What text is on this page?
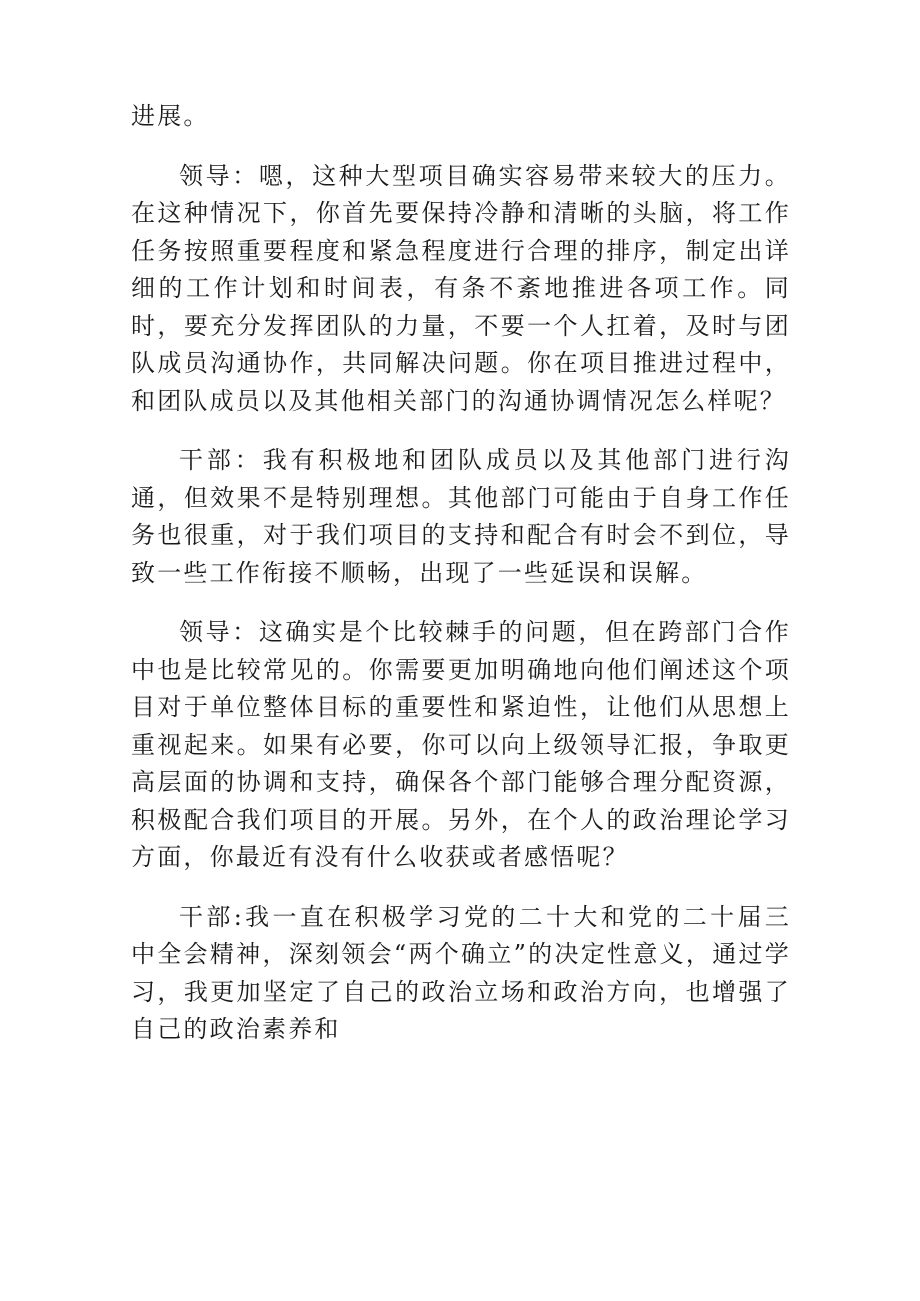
进展。

领导：嗯，这种大型项目确实容易带来较大的压力。在这种情况下，你首先要保持冷静和清晰的头脑，将工作任务按照重要程度和紧急程度进行合理的排序，制定出详细的工作计划和时间表，有条不紊地推进各项工作。同时，要充分发挥团队的力量，不要一个人扛着，及时与团队成员沟通协作，共同解决问题。你在项目推进过程中，和团队成员以及其他相关部门的沟通协调情况怎么样呢？

干部：我有积极地和团队成员以及其他部门进行沟通，但效果不是特别理想。其他部门可能由于自身工作任务也很重，对于我们项目的支持和配合有时会不到位，导致一些工作衔接不顺畅，出现了一些延误和误解。

领导：这确实是个比较棘手的问题，但在跨部门合作中也是比较常见的。你需要更加明确地向他们阐述这个项目对于单位整体目标的重要性和紧迫性，让他们从思想上重视起来。如果有必要，你可以向上级领导汇报，争取更高层面的协调和支持，确保各个部门能够合理分配资源，积极配合我们项目的开展。另外，在个人的政治理论学习方面，你最近有没有什么收获或者感悟呢？

干部:我一直在积极学习党的二十大和党的二十届三中全会精神，深刻领会“两个确立”的决定性意义，通过学习，我更加坚定了自己的政治立场和政治方向，也增强了自己的政治素养和
